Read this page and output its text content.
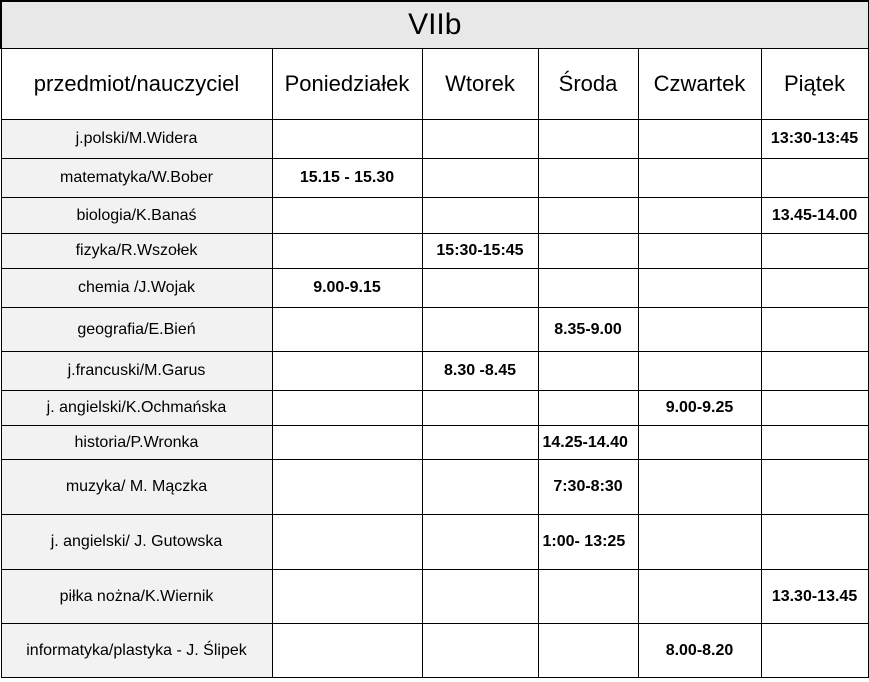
VIIb					
przedmiot/nauczyciel	Poniedziałek	Wtorek	Środa	Czwartek	Piątek
j.polski/M.Widera					13:30-13:45
matematyka/W.Bober	15.15 - 15.30				
biologia/K.Banaś					13.45-14.00
fizyka/R.Wszołek		15:30-15:45			
chemia /J.Wojak	9.00-9.15				
geografia/E.Bień			8.35-9.00		
j.francuski/M.Garus		8.30 -8.45			
j. angielski/K.Ochmańska				9.00-9.25	
historia/P.Wronka			14.25-14.40		
muzyka/ M. Mączka			7:30-8:30		
j. angielski/ J. Gutowska			1:00- 13:25		
piłka nożna/K.Wiernik					13.30-13.45
informatyka/plastyka - J. Ślipek				8.00-8.20	
